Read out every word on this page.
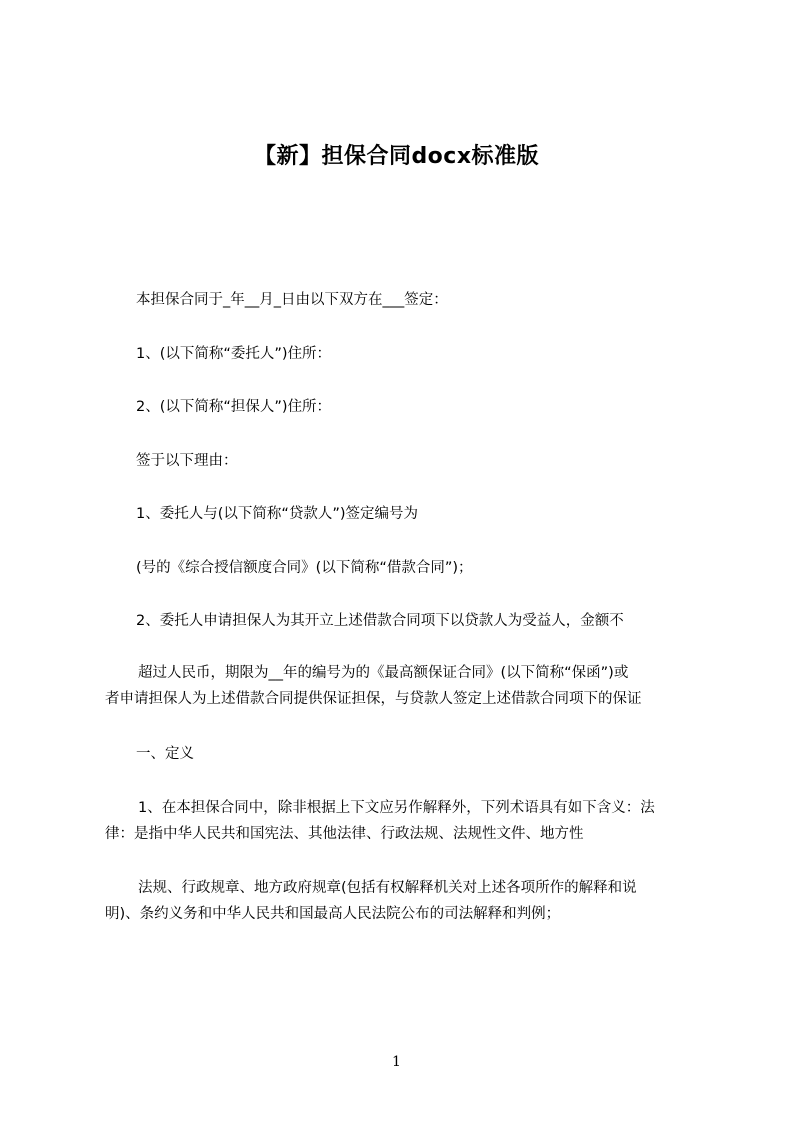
【新】担保合同docx标准版
本担保合同于_年__月_日由以下双方在___签定：
1、(以下简称“委托人”)住所：
2、(以下简称“担保人”)住所：
签于以下理由：
1、委托人与(以下简称“贷款人”)签定编号为
(号的《综合授信额度合同》(以下简称“借款合同”)；
2、委托人申请担保人为其开立上述借款合同项下以贷款人为受益人，金额不
超过人民币，期限为__年的编号为的《最高额保证合同》(以下简称“保函”)或
者申请担保人为上述借款合同提供保证担保，与贷款人签定上述借款合同项下的保证
一、定义
1、在本担保合同中，除非根据上下文应另作解释外，下列术语具有如下含义：法
律：是指中华人民共和国宪法、其他法律、行政法规、法规性文件、地方性
法规、行政规章、地方政府规章(包括有权解释机关对上述各项所作的解释和说
明)、条约义务和中华人民共和国最高人民法院公布的司法解释和判例；
1
